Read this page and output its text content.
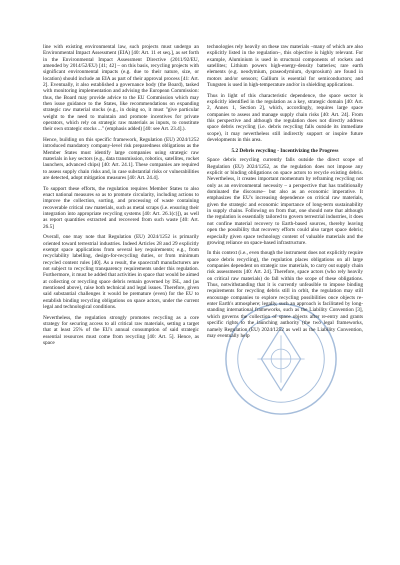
line with existing environmental law, such projects must undergo an Environmental Impact Assessment (EIA) [40: Art. 11 et seq.], as set forth in the Environmental Impact Assessment Directive (2011/92/EU, amended by 2014/52/EU) [41; 42] – on this basis, recycling projects with significant environmental impacts (e.g. due to their nature, size, or location) should include an EIA as part of their approval process [41: Art. 2]. Eventually, it also established a governance body (the Board), tasked with monitoring implementation and advising the European Commission: thus, the Board may provide advice to the EU Commission which may then issue guidance to the States, like recommendations on expanding strategic raw material stocks (e.g., in doing so, it must "give particular weight to the need to maintain and promote incentives for private operators, which rely on strategic raw materials as inputs, to constitute their own strategic stocks ..." (emphasis added) [40: see Art. 23.4].).

Hence, building on this specific framework, Regulation (EU) 2024/1252 introduced mandatory company-level risk preparedness obligations as the Member States must identify large companies using strategic raw materials in key sectors (e.g., data transmission, robotics, satellites, rocket launchers, advanced chips) [40: Art. 24.1]. These companies are required to assess supply chain risks and, in case substantial risks or vulnerabilities are detected, adopt mitigation measures [40: Art. 24.4].

To support these efforts, the regulation requires Member States to also enact national measures so as to promote circularity, including actions to improve the collection, sorting, and processing of waste containing recoverable critical raw materials, such as metal scraps (i.e. ensuring their integration into appropriate recycling systems [40: Art. 26.1(c)]), as well as report quantities extracted and recovered from such waste [40: Art. 26.5]

Overall, one may note that Regulation (EU) 2024/1252 is primarily oriented toward terrestrial industries. Indeed Articles 28 and 29 explicitly exempt space applications from several key requirements; e.g., from recyclability labelling, design-for-recycling duties, or from minimum recycled content rules [40]. As a result, the spacecraft manufacturers are not subject to recycling transparency requirements under this regulation. Furthermore, it must be added that activities in space that would be aimed at collecting or recycling space debris remain governed by ISL, and (as mentioned above), raise both technical and legal issues. Therefore, given said substantial challenges it would be premature (even) for the EU to establish binding recycling obligations on space actors, under the current legal and technological conditions.

Nevertheless, the regulation strongly promotes recycling as a core strategy for securing access to all critical raw materials, setting a target that at least 25% of the EU's annual consumption of said strategic essential resources must come from recycling [40: Art. 5]. Hence, as space

technologies rely heavily on these raw materials –many of which are also explicitly listed in the regulation–, this objective is highly relevant. For example, Aluminium is used in structural components of rockets and satellites; Lithium powers high-energy-density batteries; rare earth elements (e.g. neodymium, praseodymium, dysprosium) are found in motors and/or sensors; Gallium is essential for semiconductors; and Tungsten is used in high-temperature and/or in shielding applications.

Thus in light of this characteristic dependence, the space sector is explicitly identified in the regulation as a key, strategic domain [40: Art. 2, Annex 1, Section 2], which, accordingly, requires large space companies to assess and manage supply chain risks [40: Art. 24]. From this perspective and although the regulation does not directly address space debris recycling (i.e. debris recycling falls outside its immediate scope), it may nevertheless still indirectly support or inspire future developments in this area.

5.2 Debris recycling - Incentivizing the Progress

Space debris recycling currently falls outside the direct scope of Regulation (EU) 2024/1252, as the regulation does not impose any explicit or binding obligations on space actors to recycle existing debris. Nevertheless, it creates important momentum by reframing recycling not only as an environmental necessity – a perspective that has traditionally dominated the discourse– but also as an economic imperative. It emphasizes the EU's increasing dependence on critical raw materials, given the strategic and economic importance of long-term sustainability in supply chains. Following on from that, one should note that although the regulation is essentially tailored to govern terrestrial industries, it does not confine material recovery to Earth-based sources, thereby leaving open the possibility that recovery efforts could also target space debris; especially given space technology content of valuable materials and the growing reliance on space-based infrastructure.

In this context (i.e., even though the instrument does not explicitly require space debris recycling), the regulation places obligations on all large companies dependent on strategic raw materials, to carry out supply chain risk assessments [40: Art. 24]. Therefore, space actors (who rely heavily on critical raw materials) do fall within the scope of these obligations. Thus, notwithstanding that it is currently unfeasible to impose binding requirements for recycling debris still in orbit, the regulation may still encourage companies to explore recycling possibilities once objects re-enter Earth's atmosphere; legally, such an approach is facilitated by long-standing international frameworks, such as the Liability Convention [3], which governs the collection of space objects after re-entry and grants specific rights to the launching authority (the two legal frameworks, namely Regulation (EU) 2024/1252 as well as the Liability Convention, may eventually help
